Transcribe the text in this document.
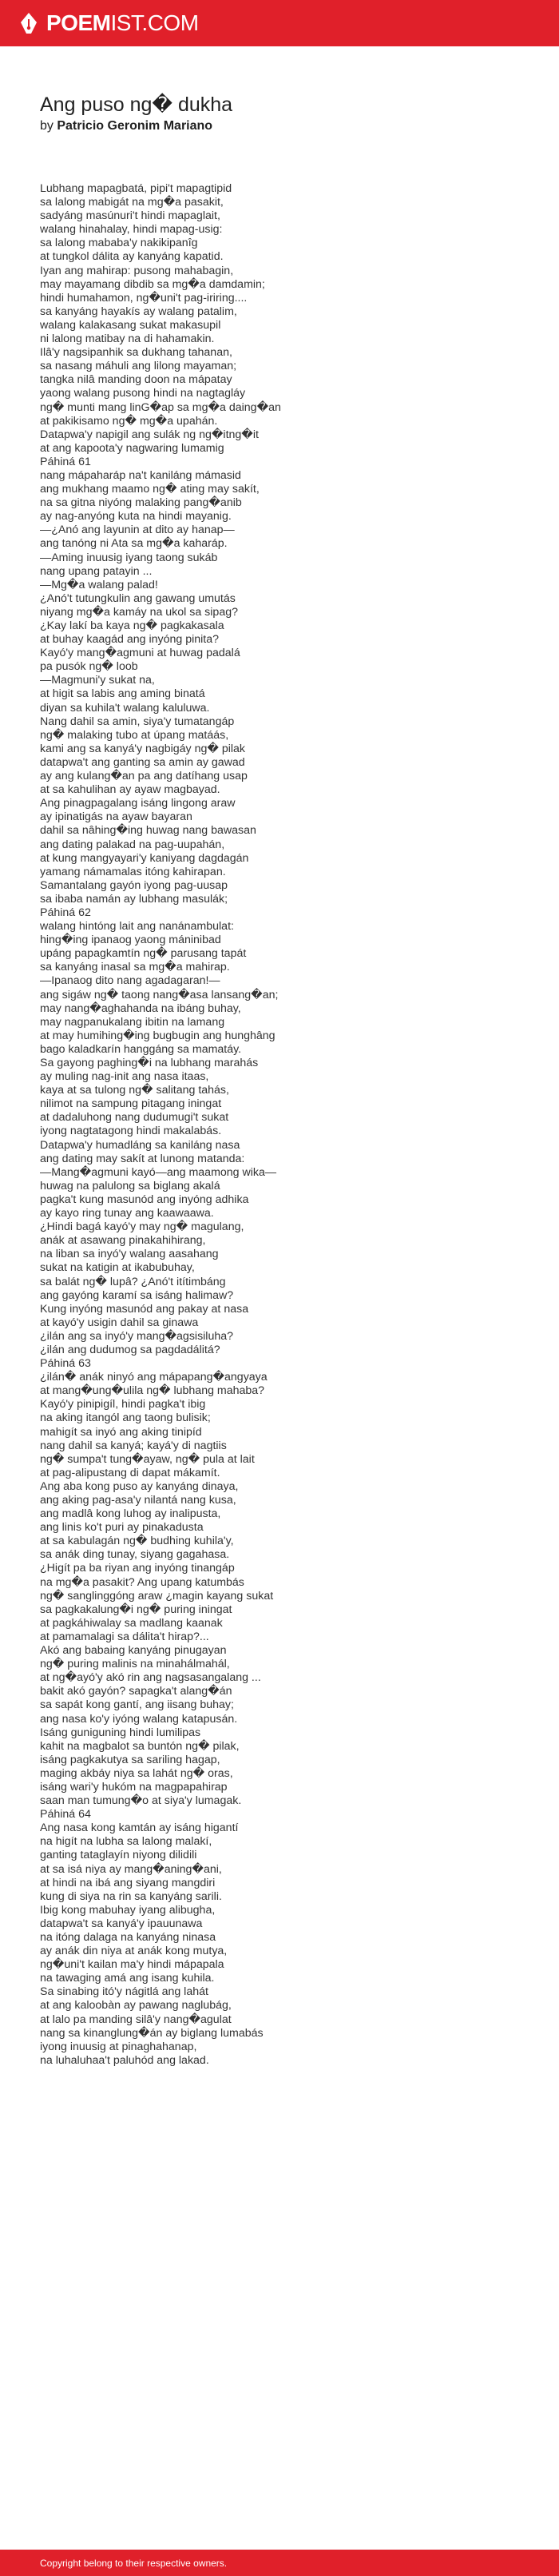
POEMIST.COM
Ang puso ng� dukha
by Patricio Geronim Mariano
Lubhang mapagbatá, pipi't mapagtipid
sa lalong mabigát na mg�a pasakit,
sadyáng masúnuri't hindi mapaglait,
walang hinahalay, hindi mapag-usig:
sa lalong mababa'y nakikipanîg
at tungkol dálita ay kanyáng kapatid.
Iyan ang mahirap: pusong mahabagin,
may mayamang dibdib sa mg�a damdamin;
hindi humahamon, ng�uni't pag-iriring....
sa kanyáng hayakís ay walang patalim,
walang kalakasang sukat makasupil
ni lalong matibay na di hahamakin.
Ilâ'y nagsipanhik sa dukhang tahanan,
sa nasang máhuli ang lilong mayaman;
tangka nilâ manding doon na mápatay
yaong walang pusong hindi na nagtagláy
ng� munti mang linG�ap sa mg�a daing�an
at pakikisamo ng� mg�a upahán.
Datapwa'y napigil ang sulák ng ng�itng�it
at ang kapoota'y nagwaring lumamig
Páhiná 61
nang mápaharáp na't kaniláng mámasid
ang mukhang maamo ng� ating may sakít,
na sa gitna niyóng malaking pang�anib
ay nag-anyóng kuta na hindi mayanig.
—¿Anó ang layunin at dito ay hanap—
ang tanóng ni Ata sa mg�a kaharáp.
—Aming inuusig iyang taong sukáb
nang upang patayin ...
—Mg�a walang palad!
¿Anó't tutungkulin ang gawang umutás
niyang mg�a kamáy na ukol sa sipag?
¿Kay lakí ba kaya ng� pagkakasala
at buhay kaagád ang inyóng pinita?
Kayó'y mang�agmuni at huwag padalá
pa pusók ng� loob
—Magmuni'y sukat na,
at higit sa labis ang aming binatá
diyan sa kuhila't walang kaluluwa.
Nang dahil sa amin, siya'y tumatangáp
ng� malaking tubo at úpang matáás,
kami ang sa kanyá'y nagbigáy ng� pilak
datapwa't ang ganting sa amin ay gawad
ay ang kulang�an pa ang datíhang usap
at sa kahulihan ay ayaw magbayad.
Ang pinagpagalang isáng lingong araw
ay ipinatigás na ayaw bayaran
dahil sa nâhing�ing huwag nang bawasan
ang dating palakad na pag-uupahán,
at kung mangyayari'y kaniyang dagdagán
yamang námamalas itóng kahirapan.
Samantalang gayón iyong pag-uusap
sa ibaba namán ay lubhang masulák;
Páhiná 62
walang hintóng lait ang nanánambulat:
hing�ing ipanaog yaong máninibad
upáng papagkamtín ng� parusang tapát
sa kanyáng inasal sa mg�a mahirap.
—Ipanaog dito nang agadagaran!—
ang sigáw ng� taong nang�asa lansang�an;
may nang�aghahanda na ibáng buhay,
may nagpanukalang ibitin na lamang
at may humihing�ing bugbugin ang hunghâng
bago kaladkarín hanggáng sa mamatáy.
Sa gayong paghing�i na lubhang marahás
ay muling nag-init ang nasa itaas,
kaya at sa tulong ng� salitang tahás,
nilimot na sampung pitagang iningat
at dadaluhong nang dudumugi't sukat
iyong nagtatagong hindi makalabás.
Datapwa'y humadláng sa kaniláng nasa
ang dating may sakít at lunong matanda:
—Mang�agmuni kayó—ang maamong wika—
huwag na palulong sa biglang akalá
pagka't kung masunód ang inyóng adhika
ay kayo ring tunay ang kaawaawa.
¿Hindi bagá kayó'y may ng� magulang,
anák at asawang pinakahihirang,
na liban sa inyó'y walang aasahang
sukat na katigin at ikabubuhay,
sa balát ng� lupâ? ¿Anó't itítimbáng
ang gayóng karamí sa isáng halimaw?
Kung inyóng masunód ang pakay at nasa
at kayó'y usigin dahil sa ginawa
¿ilán ang sa inyó'y mang�agsisiluha?
¿ilán ang dudumog sa pagdadálitá?
Páhiná 63
¿ilán� anák ninyó ang mápapang�angyaya
at mang�ung�ulila ng� lubhang mahaba?
Kayó'y pinipigíl, hindi pagka't ibig
na aking itangól ang taong bulisik;
mahigít sa inyó ang aking tinipíd
nang dahil sa kanyá; kayá'y di nagtiis
ng� sumpa't tung�ayaw, ng� pula at lait
at pag-alipustang di dapat mákamít.
Ang aba kong puso ay kanyáng dinaya,
ang aking pag-asa'y nilantá nang kusa,
ang madlâ kong luhog ay inalipusta,
ang linis ko't puri ay pinakadusta
at sa kabulagán ng� budhing kuhila'y,
sa anák ding tunay, siyang gagahasa.
¿Higít pa ba riyan ang inyóng tinangáp
na mg�a pasakit? Ang upang katumbás
ng� sanglinggóng araw ¿magin kayang sukat
sa pagkakalung�i ng� puring iningat
at pagkáhiwalay sa madlang kaanak
at pamamalagi sa dálita't hirap?...
Akó ang babaing kanyáng pinugayan
ng� puring malinis na minahálmahál,
at ng�ayó'y akó rin ang nagsasangalang ...
bakit akó gayón? sapagka't alang�án
sa sapát kong gantí, ang iisang buhay;
ang nasa ko'y iyóng walang katapusán.
Isáng guniguning hindi lumilipas
kahit na magbalot sa buntón ng� pilak,
isáng pagkakutya sa sariling hagap,
maging akbáy niya sa lahát ng� oras,
isáng wari'y hukóm na magpapahirap
saan man tumung�o at siya'y lumagak.
Páhiná 64
Ang nasa kong kamtán ay isáng higantí
na higít na lubha sa lalong malakí,
ganting tataglayín niyong dilidili
at sa isá niya ay mang�aning�ani,
at hindi na ibá ang siyang mangdiri
kung di siya na rin sa kanyáng sarili.
Ibig kong mabuhay iyang alibugha,
datapwa't sa kanyá'y ipauunawa
na itóng dalaga na kanyáng ninasa
ay anák din niya at anák kong mutya,
ng�uni't kailan ma'y hindi mápapala
na tawaging amá ang isang kuhila.
Sa sinabing itó'y nágitlá ang lahát
at ang kaloobàn ay pawang naglubág,
at lalo pa manding silâ'y nang�agulat
nang sa kinanglung�án ay biglang lumabás
iyong inuusig at pinaghahanap,
na luhaluhaa't paluhód ang lakad.
Copyright belong to their respective owners.
